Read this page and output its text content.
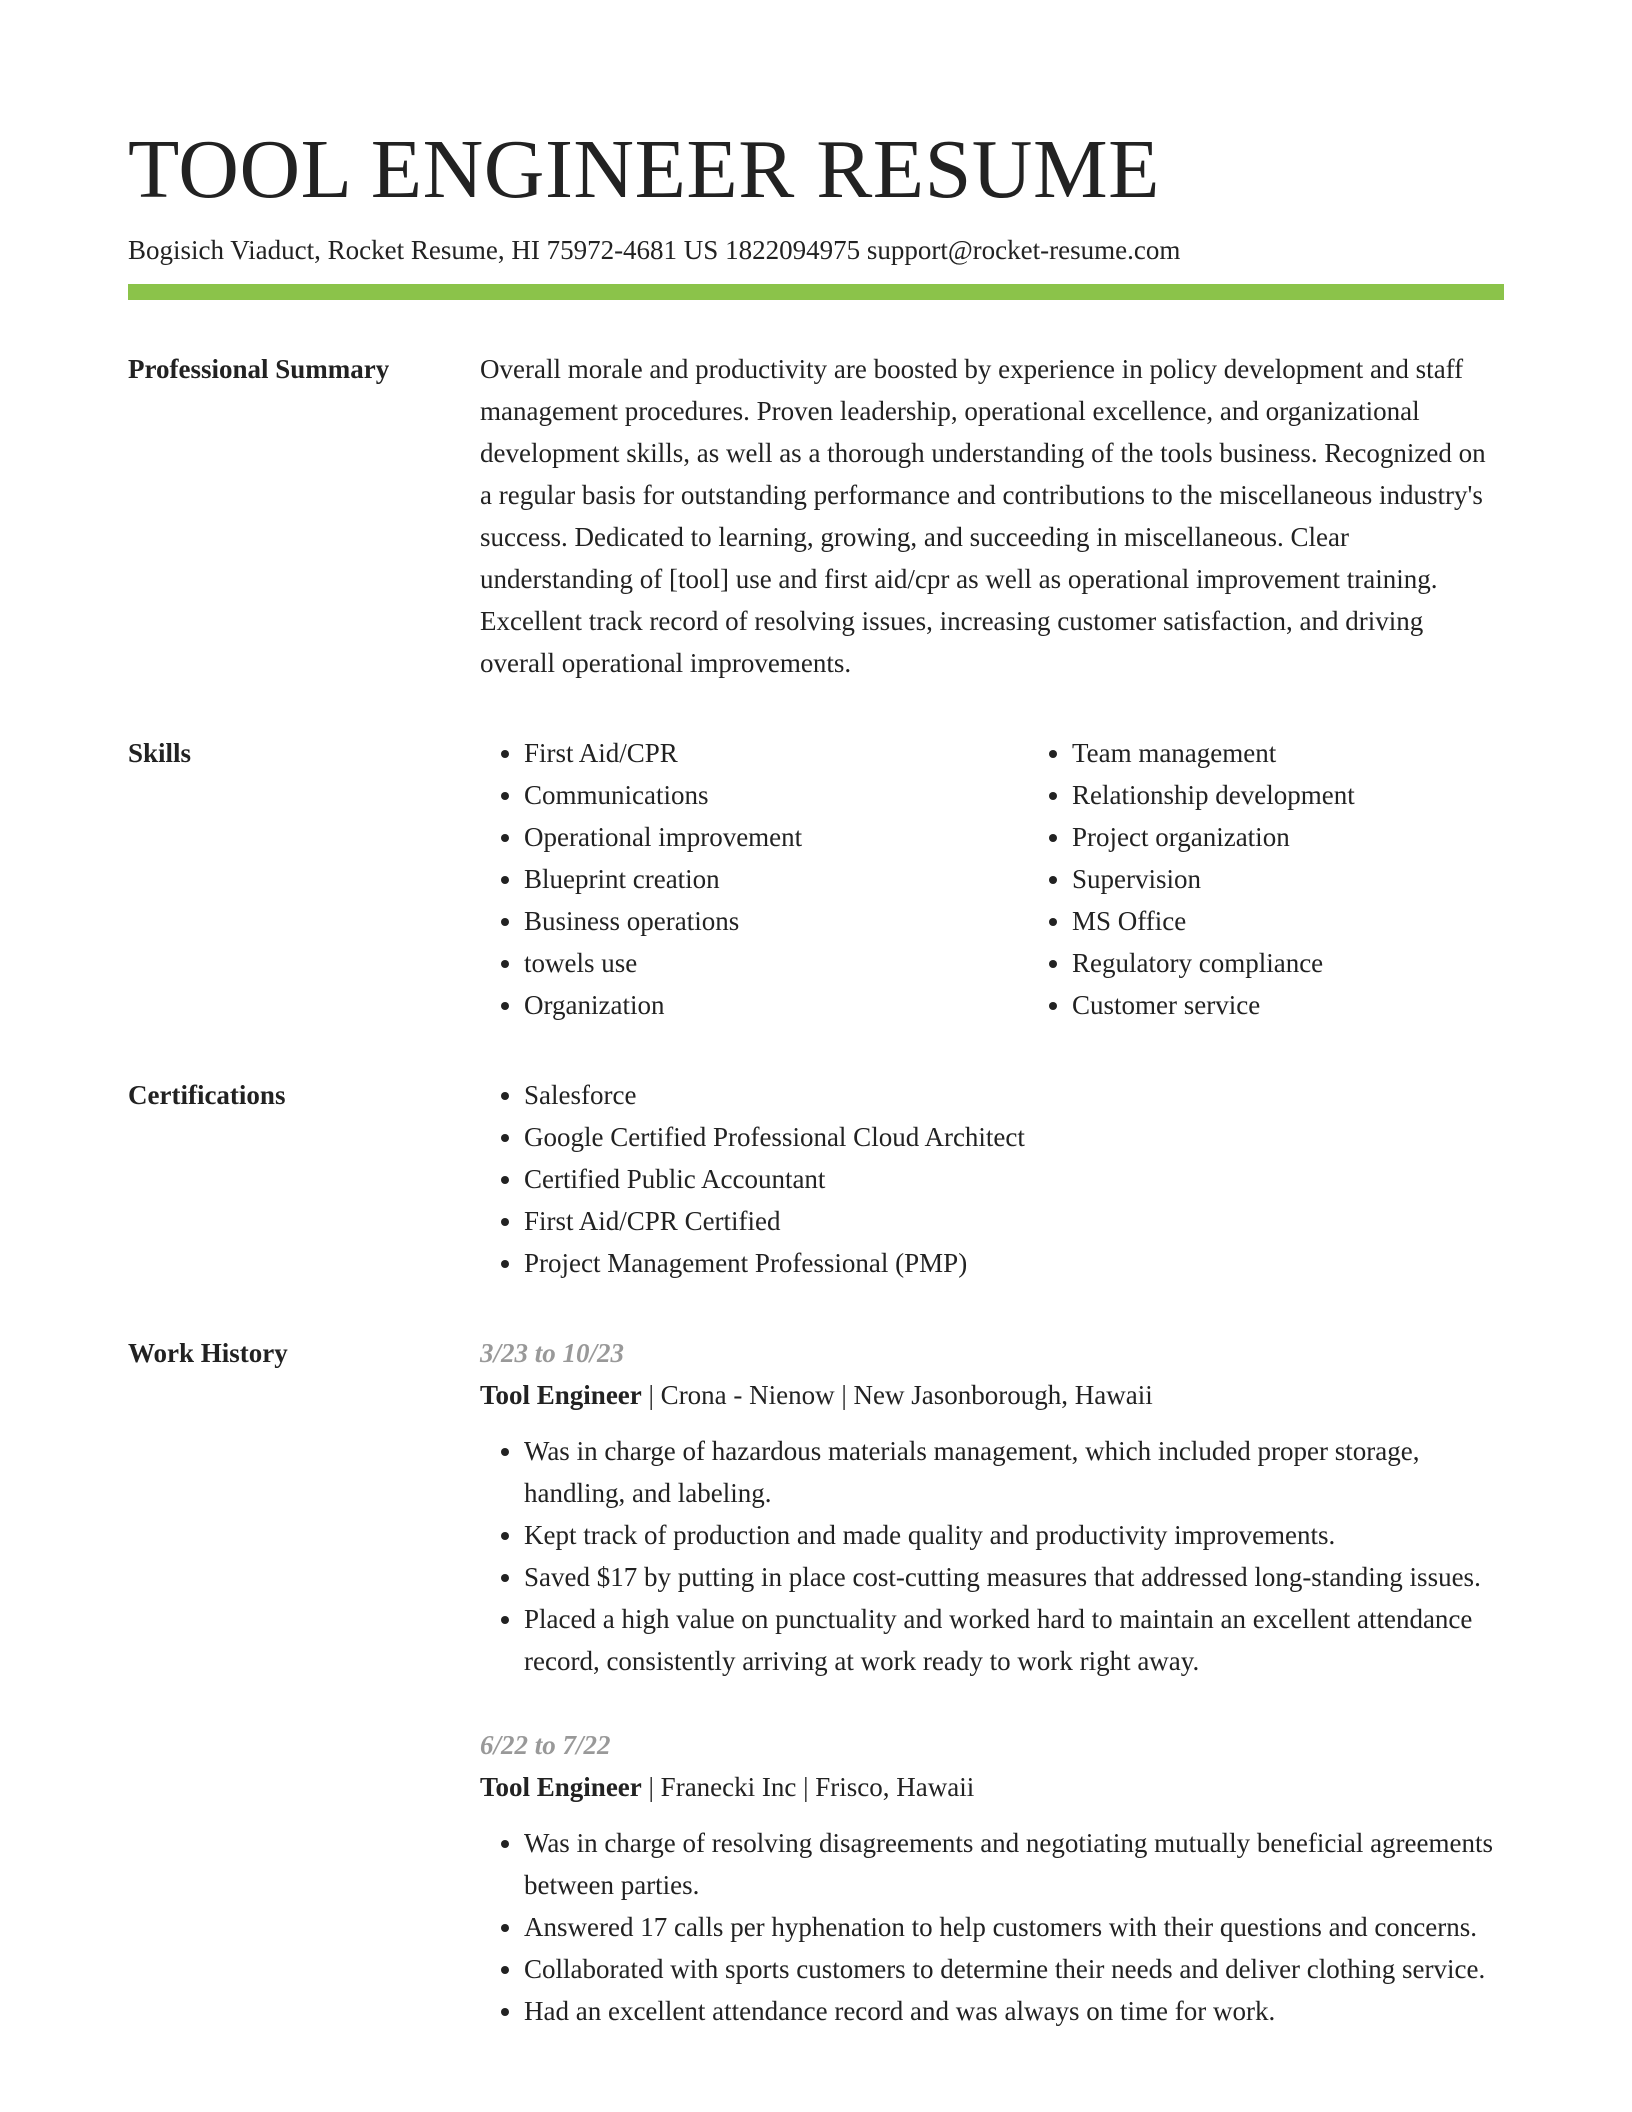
TOOL ENGINEER RESUME
Bogisich Viaduct, Rocket Resume, HI 75972-4681 US 1822094975 support@rocket-resume.com
Professional Summary	Overall morale and productivity are boosted by experience in policy development and staff management procedures. Proven leadership, operational excellence, and organizational development skills, as well as a thorough understanding of the tools business. Recognized on a regular basis for outstanding performance and contributions to the miscellaneous industry's success. Dedicated to learning, growing, and succeeding in miscellaneous. Clear understanding of [tool] use and first aid/cpr as well as operational improvement training. Excellent track record of resolving issues, increasing customer satisfaction, and driving overall operational improvements.

Skills	• First Aid/CPR
• Communications
• Operational improvement
• Blueprint creation
• Business operations
• towels use
• Organization
• Team management
• Relationship development
• Project organization
• Supervision
• MS Office
• Regulatory compliance
• Customer service
Certifications	• Salesforce
• Google Certified Professional Cloud Architect
• Certified Public Accountant
• First Aid/CPR Certified
• Project Management Professional (PMP)
Work History	3/23 to 10/23
Tool Engineer | Crona - Nienow | New Jasonborough, Hawaii
• Was in charge of hazardous materials management, which included proper storage, handling, and labeling.
• Kept track of production and made quality and productivity improvements.
• Saved $17 by putting in place cost-cutting measures that addressed long-standing issues.
• Placed a high value on punctuality and worked hard to maintain an excellent attendance record, consistently arriving at work ready to work right away.
6/22 to 7/22
Tool Engineer | Franecki Inc | Frisco, Hawaii
• Was in charge of resolving disagreements and negotiating mutually beneficial agreements between parties.
• Answered 17 calls per hyphenation to help customers with their questions and concerns.
• Collaborated with sports customers to determine their needs and deliver clothing service.
• Had an excellent attendance record and was always on time for work.
